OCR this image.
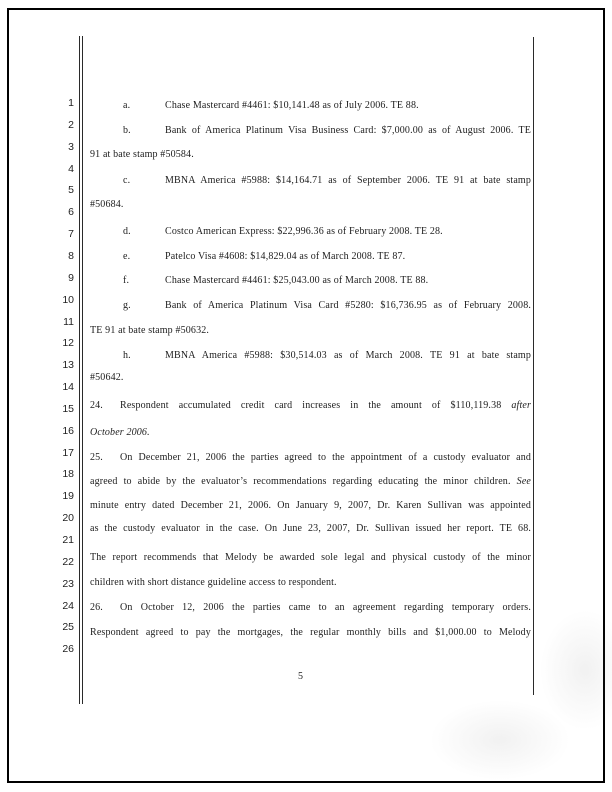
1
2
3
4
5
6
7
8
9
10
11
12
13
14
15
16
17
18
19
20
21
22
23
24
25
26
a.	Chase Mastercard #4461: $10,141.48 as of July 2006. TE 88.
b.	Bank of America Platinum Visa Business Card: $7,000.00 as of August 2006. TE
91 at bate stamp #50584.
c.	MBNA America #5988: $14,164.71 as of September 2006. TE 91 at bate stamp
#50684.
d.	Costco American Express: $22,996.36 as of February 2008. TE 28.
e.	Patelco Visa #4608: $14,829.04 as of March 2008. TE 87.
f.	Chase Mastercard #4461: $25,043.00 as of March 2008. TE 88.
g.	Bank of America Platinum Visa Card #5280: $16,736.95 as of February 2008.
TE 91 at bate stamp #50632.
h.	MBNA America #5988: $30,514.03 as of March 2008. TE 91 at bate stamp
#50642.
24. Respondent accumulated credit card increases in the amount of $110,119.38 after
October 2006.
25. On December 21, 2006 the parties agreed to the appointment of a custody evaluator and
agreed to abide by the evaluator’s recommendations regarding educating the minor children. See
minute entry dated December 21, 2006. On January 9, 2007, Dr. Karen Sullivan was appointed
as the custody evaluator in the case. On June 23, 2007, Dr. Sullivan issued her report. TE 68.
The report recommends that Melody be awarded sole legal and physical custody of the minor
children with short distance guideline access to respondent.
26. On October 12, 2006 the parties came to an agreement regarding temporary orders.
Respondent agreed to pay the mortgages, the regular monthly bills and $1,000.00 to Melody
5
